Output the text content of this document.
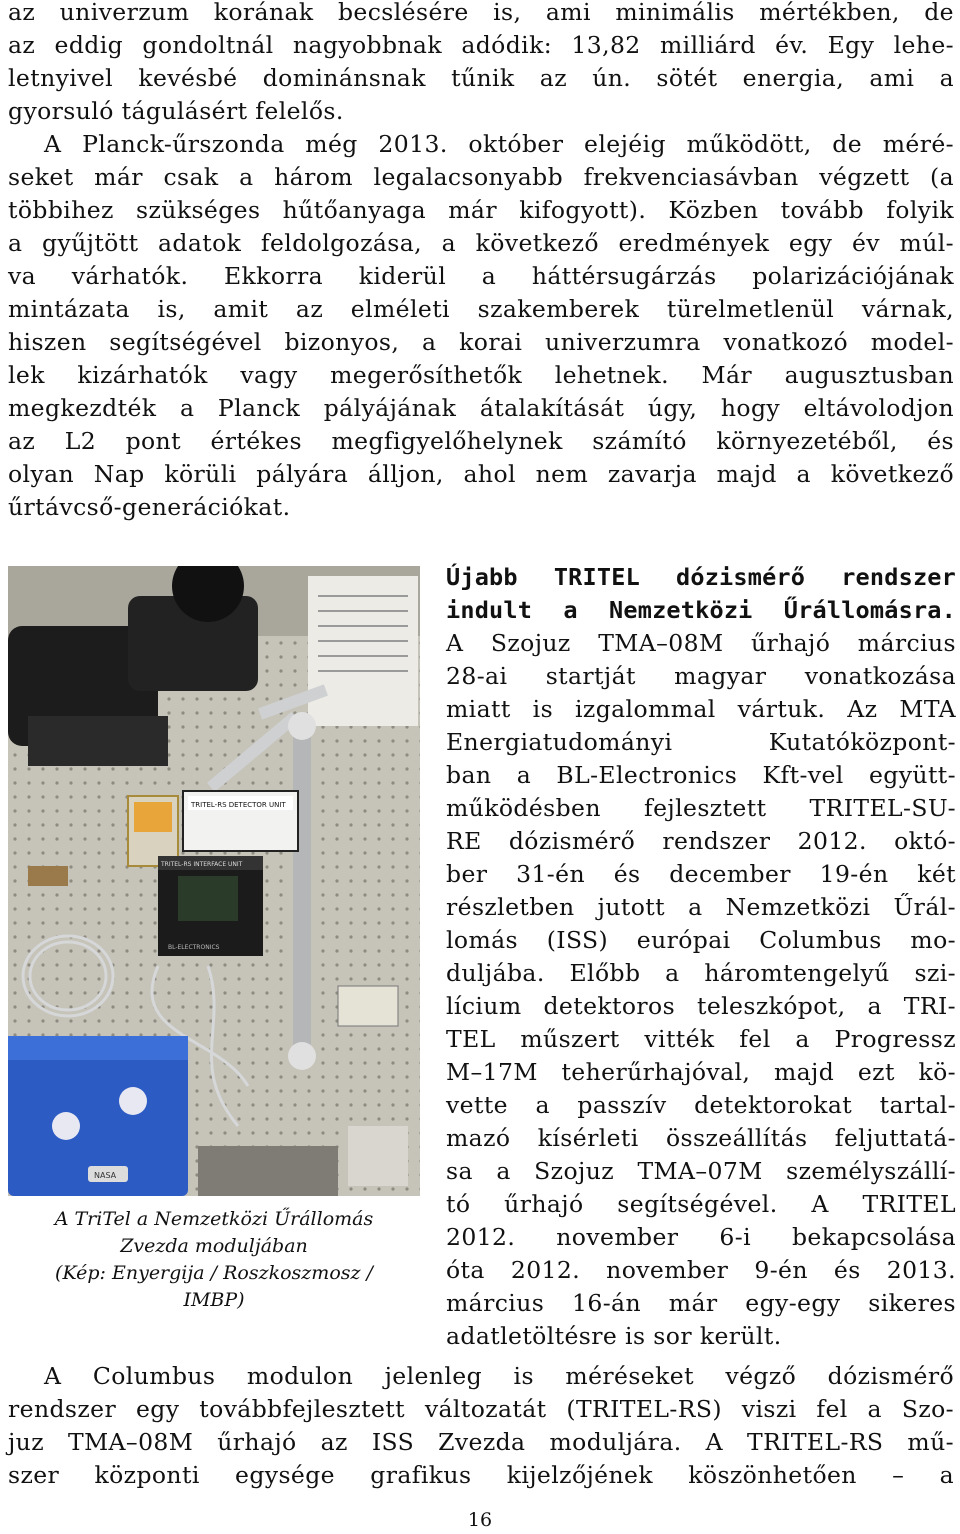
az univerzum korának becslésére is, ami minimális mértékben, de
az eddig gondoltnál nagyobbnak adódik: 13,82 milliárd év. Egy lehe-
letnyivel kevésbé dominánsnak tűnik az ún. sötét energia, ami a
gyorsuló tágulásért felelős.
A Planck-űrszonda még 2013. október elejéig működött, de méré-
seket már csak a három legalacsonyabb frekvenciasávban végzett (a
többihez szükséges hűtőanyaga már kifogyott). Közben tovább folyik
a gyűjtött adatok feldolgozása, a következő eredmények egy év múl-
va várhatók. Ekkorra kiderül a háttérsugárzás polarizációjának
mintázata is, amit az elméleti szakemberek türelmetlenül várnak,
hiszen segítségével bizonyos, a korai univerzumra vonatkozó model-
lek kizárhatók vagy megerősíthetők lehetnek. Már augusztusban
megkezdték a Planck pályájának átalakítását úgy, hogy eltávolodjon
az L2 pont értékes megfigyelőhelynek számító környezetéből, és
olyan Nap körüli pályára álljon, ahol nem zavarja majd a következő
űrtávcső-generációkat.
TRITEL-RS DETECTOR UNIT
TRITEL-RS INTERFACE UNIT
BL-ELECTRONICS
NASA
A TriTel a Nemzetközi Űrállomás
Zvezda moduljában
(Kép: Enyergija / Roszkoszmosz /
IMBP)
Újabb TRITEL dózismérő rendszer
indult a Nemzetközi Űrállomásra.
A Szojuz TMA–08M űrhajó március
28-ai startját magyar vonatkozása
miatt is izgalommal vártuk. Az MTA
Energiatudományi Kutatóközpont-
ban a BL-Electronics Kft-vel együtt-
működésben fejlesztett TRITEL-SU-
RE dózismérő rendszer 2012. októ-
ber 31-én és december 19-én két
részletben jutott a Nemzetközi Űrál-
lomás (ISS) európai Columbus mo-
duljába. Előbb a háromtengelyű szi-
lícium detektoros teleszkópot, a TRI-
TEL műszert vitték fel a Progressz
M–17M teherűrhajóval, majd ezt kö-
vette a passzív detektorokat tartal-
mazó kísérleti összeállítás feljuttatá-
sa a Szojuz TMA–07M személyszállí-
tó űrhajó segítségével. A TRITEL
2012. november 6-i bekapcsolása
óta 2012. november 9-én és 2013.
március 16-án már egy-egy sikeres
adatletöltésre is sor került.
A Columbus modulon jelenleg is méréseket végző dózismérő
rendszer egy továbbfejlesztett változatát (TRITEL-RS) viszi fel a Szo-
juz TMA–08M űrhajó az ISS Zvezda moduljára. A TRITEL-RS mű-
szer központi egysége grafikus kijelzőjének köszönhetően – a
16
